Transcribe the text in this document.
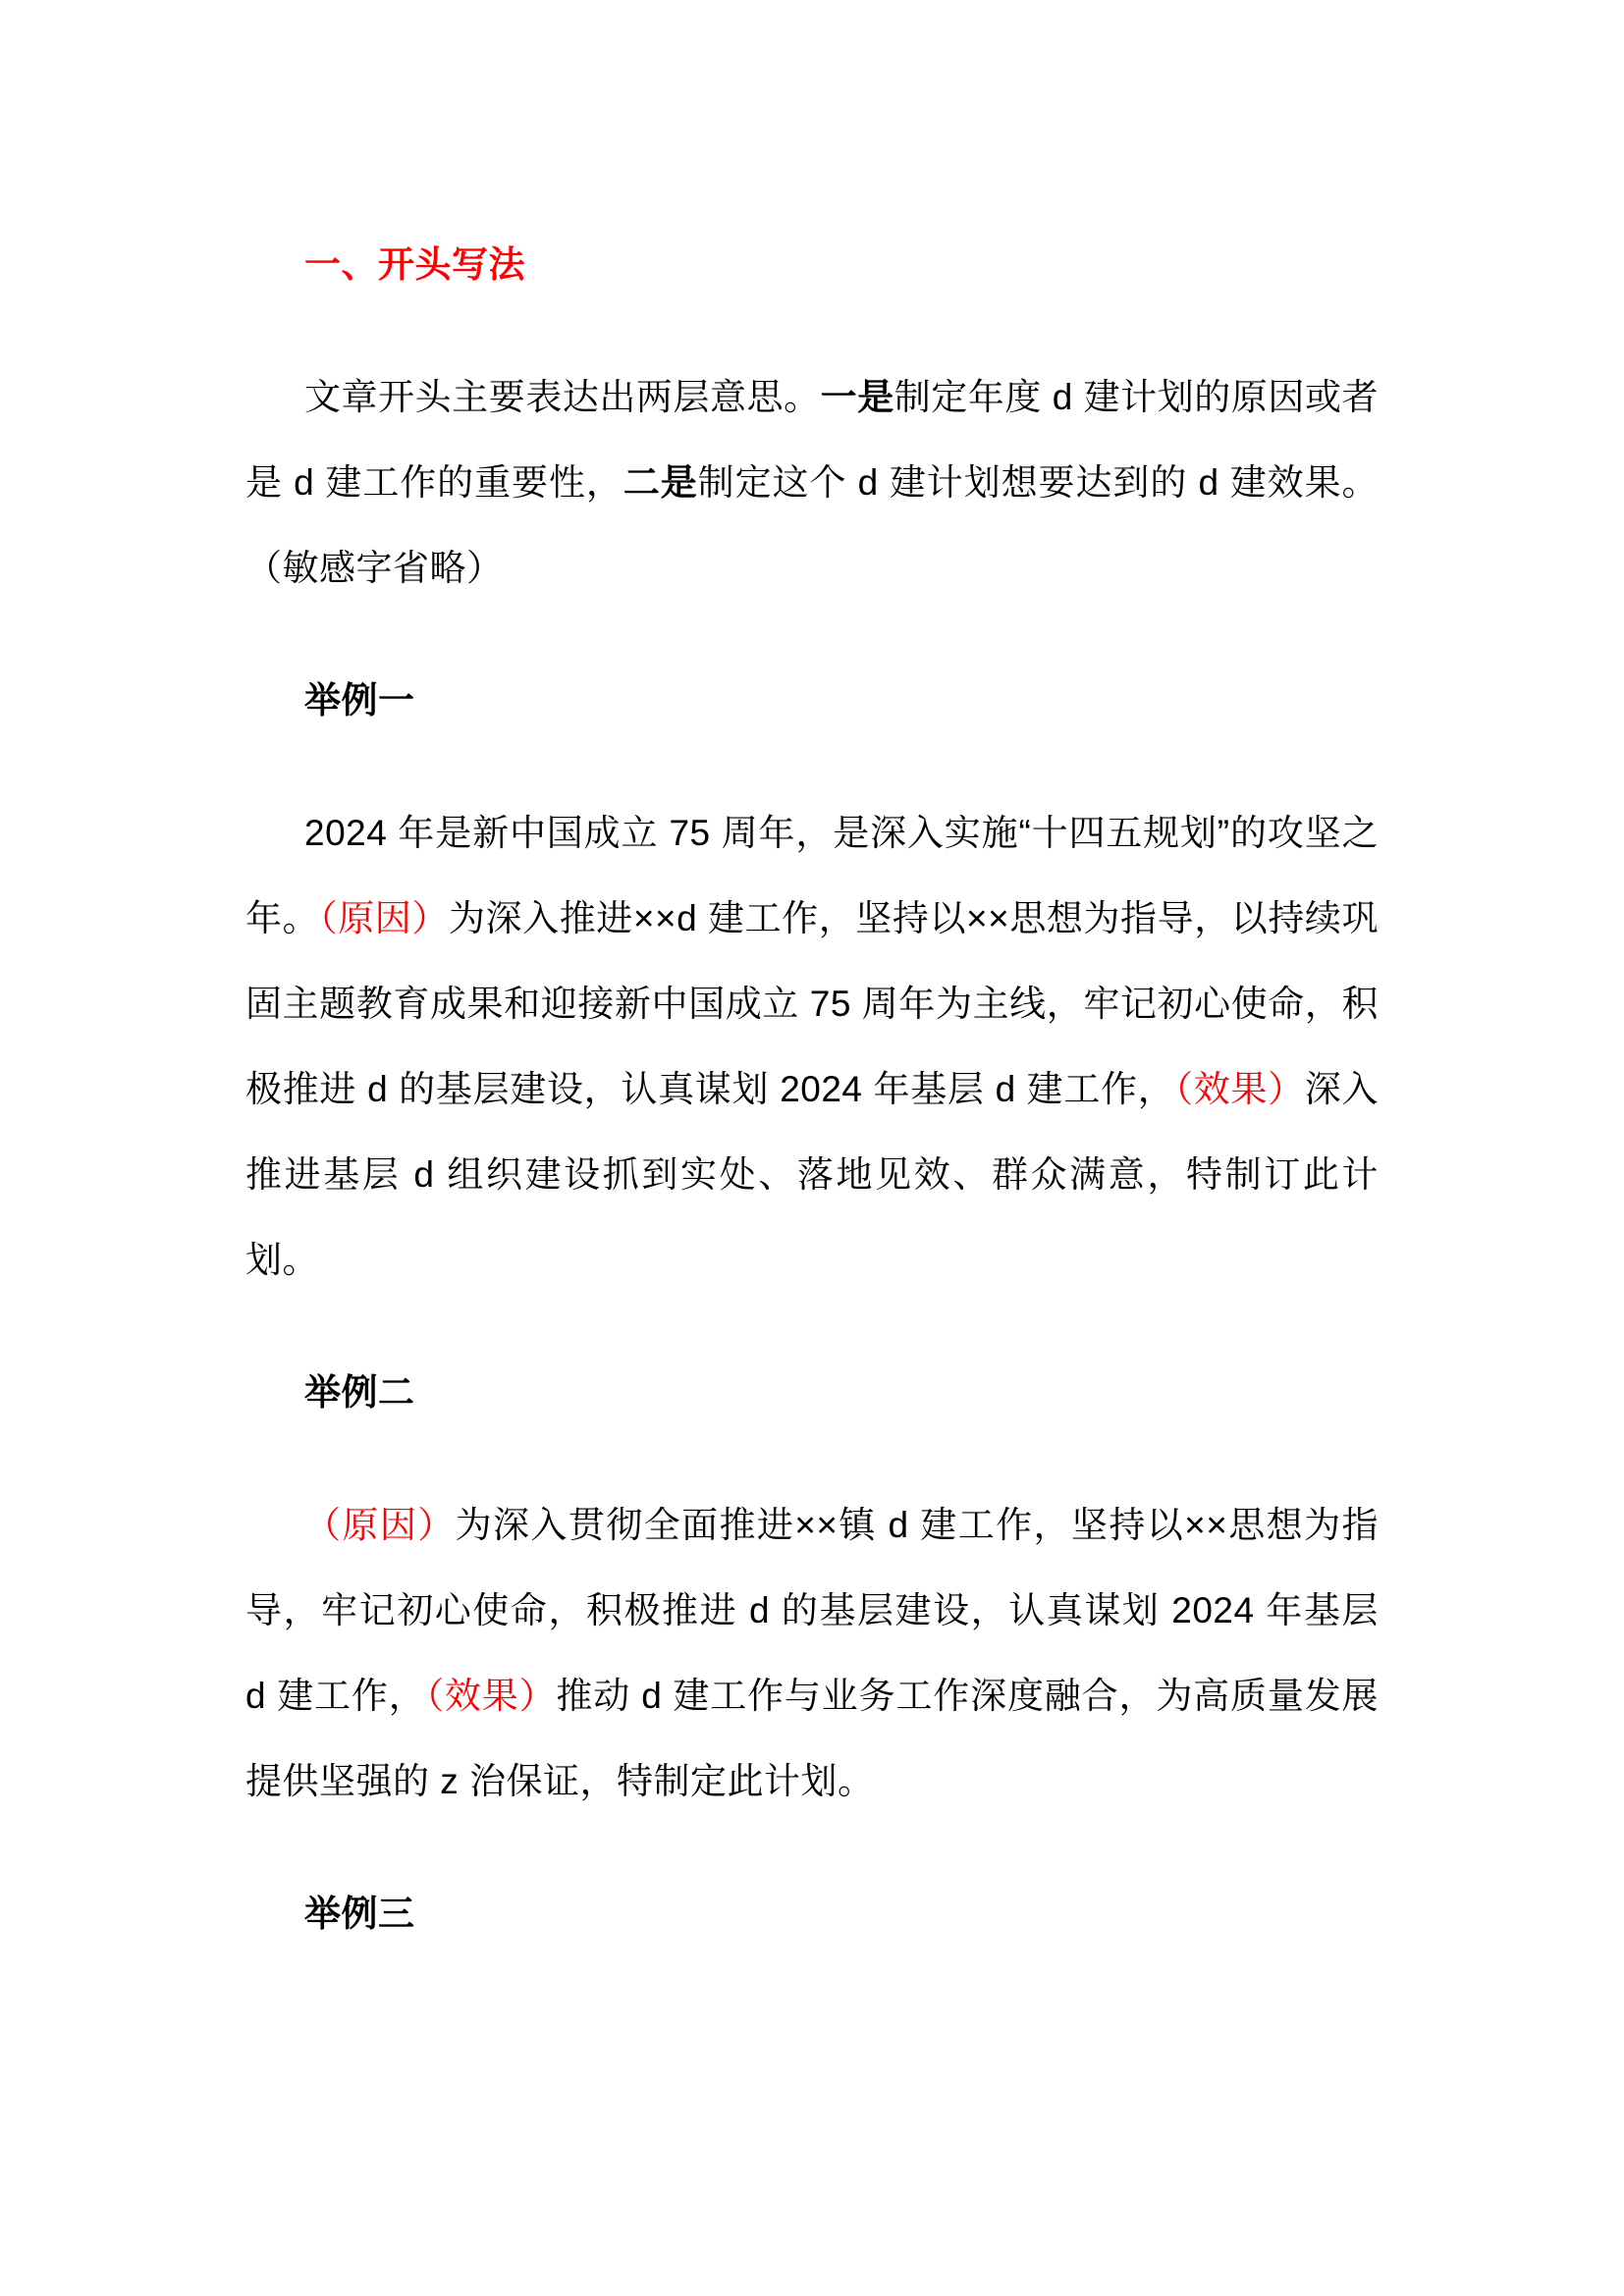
一、开头写法

文章开头主要表达出两层意思。一是制定年度 d 建计划的原因或者是 d 建工作的重要性，二是制定这个 d 建计划想要达到的 d 建效果。（敏感字省略）

举例一

2024 年是新中国成立 75 周年，是深入实施“十四五规划”的攻坚之年。（原因）为深入推进××d 建工作，坚持以××思想为指导，以持续巩固主题教育成果和迎接新中国成立 75 周年为主线，牢记初心使命，积极推进 d 的基层建设，认真谋划 2024 年基层 d 建工作，（效果）深入推进基层 d 组织建设抓到实处、落地见效、群众满意，特制订此计划。

举例二

（原因）为深入贯彻全面推进××镇 d 建工作，坚持以××思想为指导，牢记初心使命，积极推进 d 的基层建设，认真谋划 2024 年基层 d 建工作，（效果）推动 d 建工作与业务工作深度融合，为高质量发展提供坚强的 z 治保证，特制定此计划。

举例三
